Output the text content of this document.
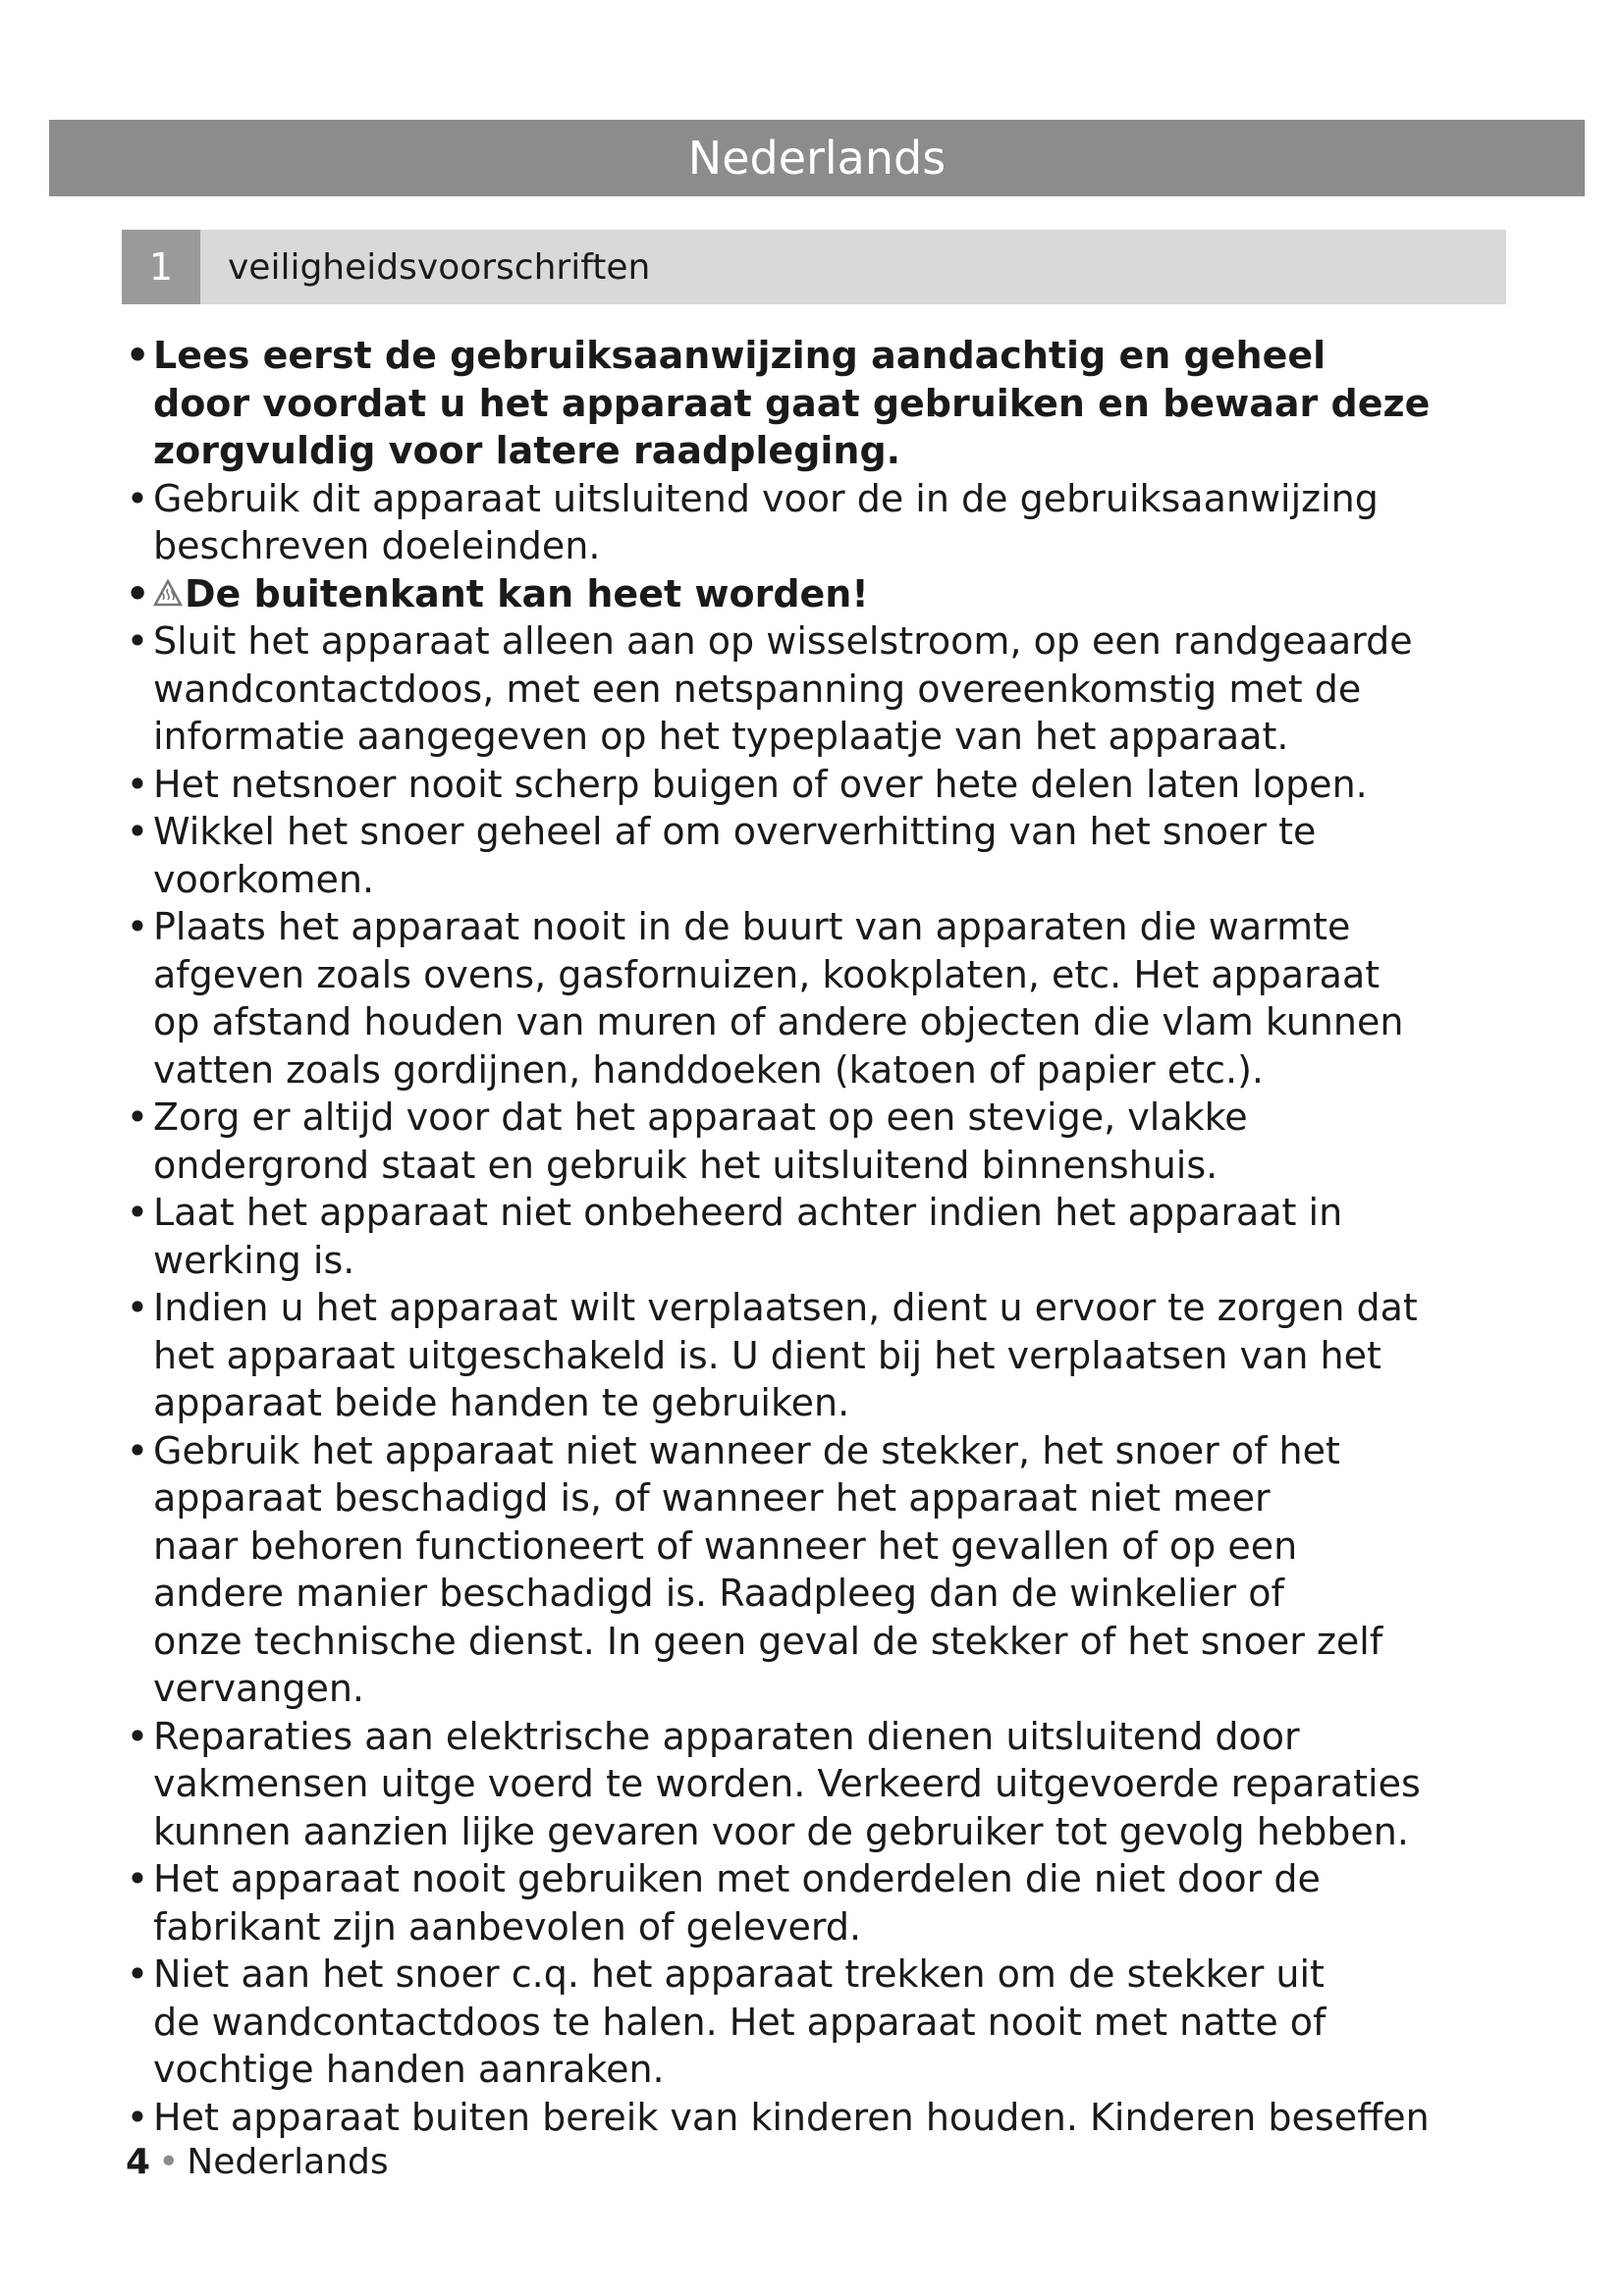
Nederlands
1	veiligheidsvoorschriften
• Lees eerst de gebruiksaanwijzing aandachtig en geheel
door voordat u het apparaat gaat gebruiken en bewaar deze
zorgvuldig voor latere raadpleging.
• Gebruik dit apparaat uitsluitend voor de in de gebruiksaanwijzing
beschreven doeleinden.
• De buitenkant kan heet worden!
• Sluit het apparaat alleen aan op wisselstroom, op een randgeaarde
wandcontactdoos, met een netspanning overeenkomstig met de
informatie aangegeven op het typeplaatje van het apparaat.
• Het netsnoer nooit scherp buigen of over hete delen laten lopen.
• Wikkel het snoer geheel af om oververhitting van het snoer te
voorkomen.
• Plaats het apparaat nooit in de buurt van apparaten die warmte
afgeven zoals ovens, gasfornuizen, kookplaten, etc. Het apparaat
op afstand houden van muren of andere objecten die vlam kunnen
vatten zoals gordijnen, handdoeken (katoen of papier etc.).
• Zorg er altijd voor dat het apparaat op een stevige, vlakke
ondergrond staat en gebruik het uitsluitend binnenshuis.
• Laat het apparaat niet onbeheerd achter indien het apparaat in
werking is.
• Indien u het apparaat wilt verplaatsen, dient u ervoor te zorgen dat
het apparaat uitgeschakeld is. U dient bij het verplaatsen van het
apparaat beide handen te gebruiken.
• Gebruik het apparaat niet wanneer de stekker, het snoer of het
apparaat beschadigd is, of wanneer het apparaat niet meer
naar behoren functioneert of wanneer het gevallen of op een
andere manier beschadigd is. Raadpleeg dan de winkelier of
onze technische dienst. In geen geval de stekker of het snoer zelf
vervangen.
• Reparaties aan elektrische apparaten dienen uitsluitend door
vakmensen uitge voerd te worden. Verkeerd uitgevoerde reparaties
kunnen aanzien lijke gevaren voor de gebruiker tot gevolg hebben.
• Het apparaat nooit gebruiken met onderdelen die niet door de
fabrikant zijn aanbevolen of geleverd.
• Niet aan het snoer c.q. het apparaat trekken om de stekker uit
de wandcontactdoos te halen. Het apparaat nooit met natte of
vochtige handen aanraken.
• Het apparaat buiten bereik van kinderen houden. Kinderen beseffen
4 • Nederlands
